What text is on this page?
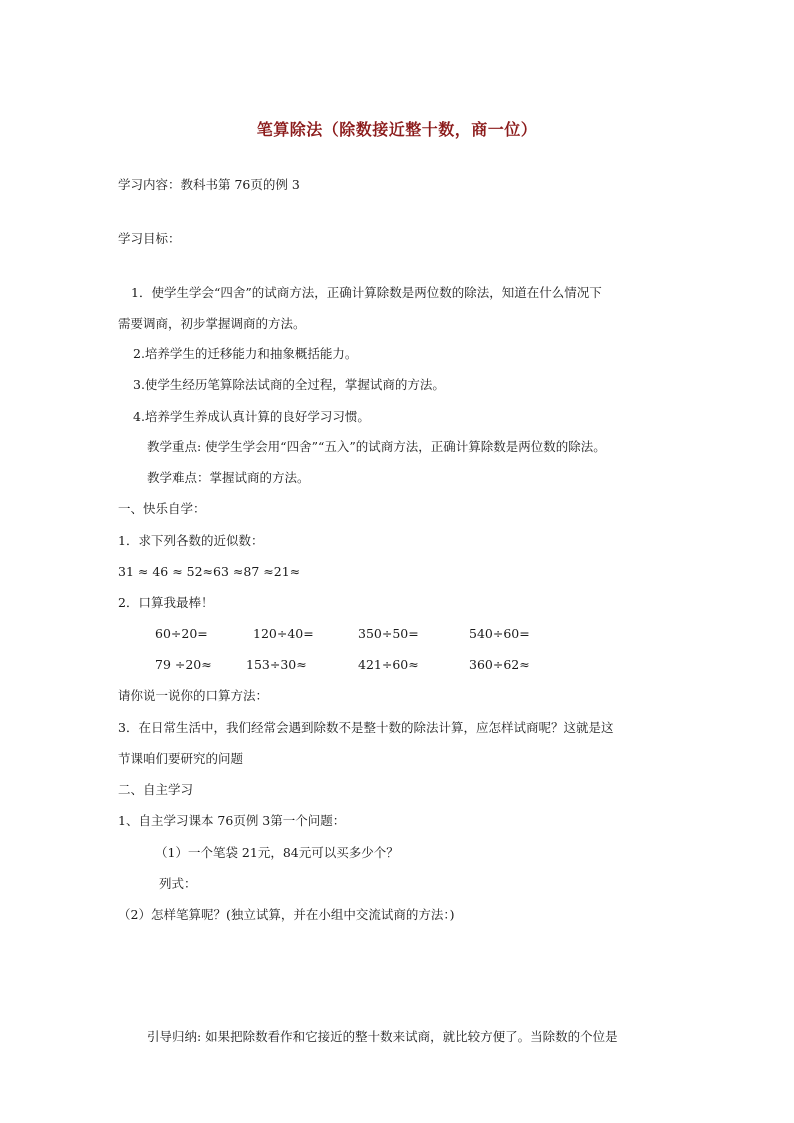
笔算除法（除数接近整十数，商一位）
学习内容：教科书第 76页的例 3
学习目标：
1．使学生学会“四舍”的试商方法，正确计算除数是两位数的除法，知道在什么情况下
需要调商，初步掌握调商的方法。
2.培养学生的迁移能力和抽象概括能力。
3.使学生经历笔算除法试商的全过程，掌握试商的方法。
4.培养学生养成认真计算的良好学习习惯。
教学重点: 使学生学会用“四舍”“五入”的试商方法，正确计算除数是两位数的除法。
教学难点：掌握试商的方法。
一、快乐自学：
1．求下列各数的近似数：
31 ≈ 46 ≈ 52≈63 ≈87 ≈21≈
2．口算我最棒！
60÷20=	120÷40=	350÷50=	540÷60=
79 ÷20≈	153÷30≈	421÷60≈	360÷62≈
请你说一说你的口算方法：
3．在日常生活中，我们经常会遇到除数不是整十数的除法计算，应怎样试商呢？这就是这
节课咱们要研究的问题
二、自主学习
1、自主学习课本 76页例 3第一个问题：
（1）一个笔袋 21元，84元可以买多少个？
列式：
（2）怎样笔算呢？(独立试算，并在小组中交流试商的方法：)
引导归纳: 如果把除数看作和它接近的整十数来试商，就比较方便了。当除数的个位是
